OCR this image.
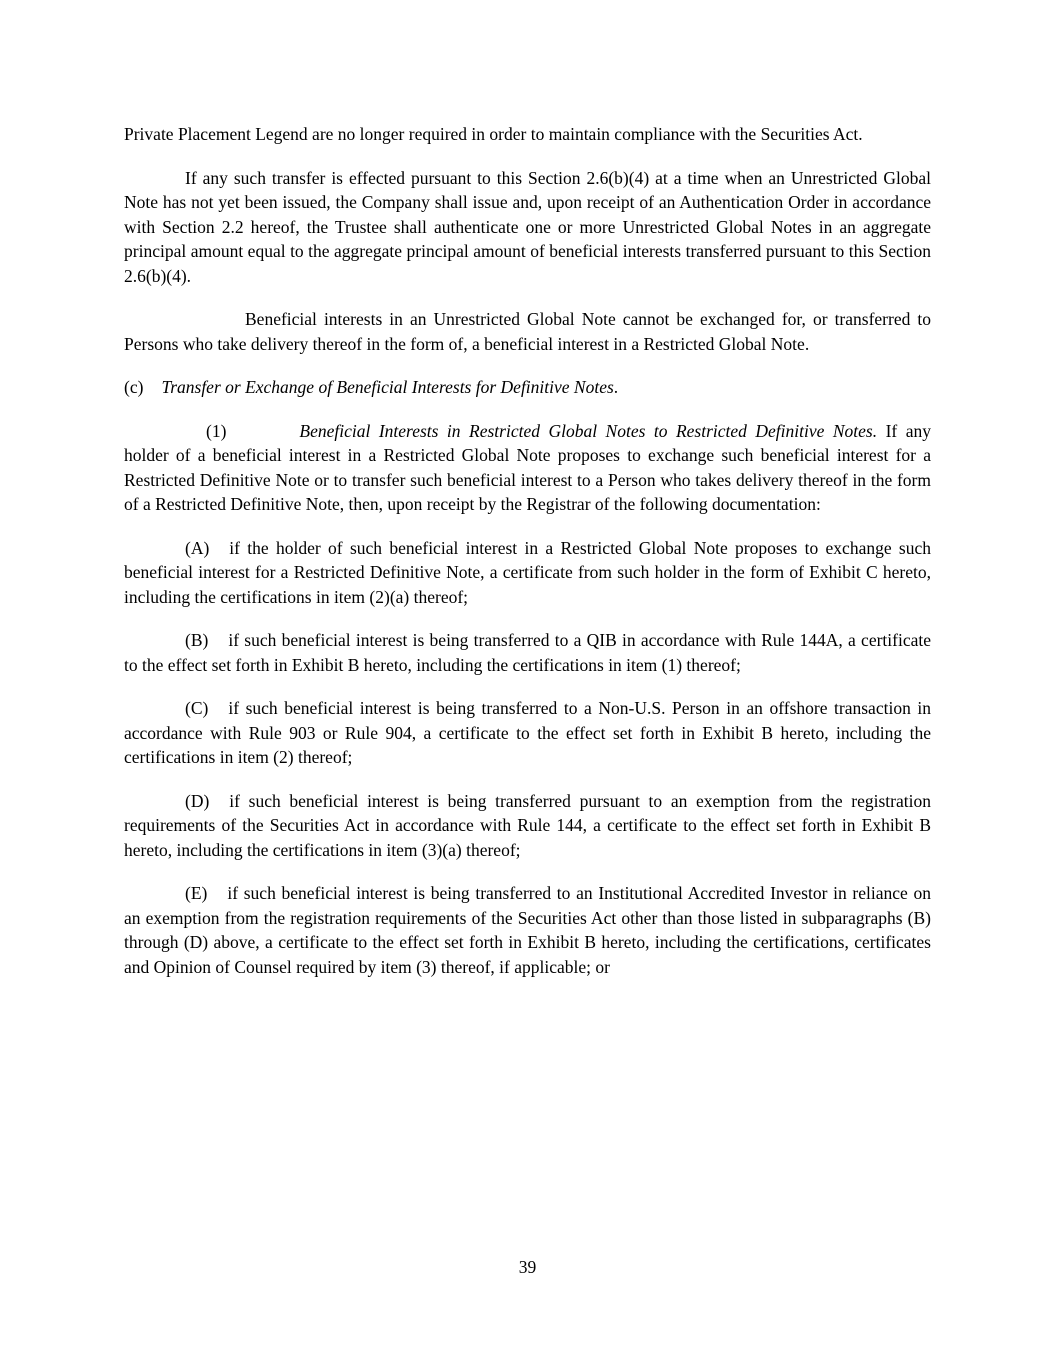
Private Placement Legend are no longer required in order to maintain compliance with the Securities Act.

If any such transfer is effected pursuant to this Section 2.6(b)(4) at a time when an Unrestricted Global Note has not yet been issued, the Company shall issue and, upon receipt of an Authentication Order in accordance with Section 2.2 hereof, the Trustee shall authenticate one or more Unrestricted Global Notes in an aggregate principal amount equal to the aggregate principal amount of beneficial interests transferred pursuant to this Section 2.6(b)(4).

Beneficial interests in an Unrestricted Global Note cannot be exchanged for, or transferred to Persons who take delivery thereof in the form of, a beneficial interest in a Restricted Global Note.

(c) Transfer or Exchange of Beneficial Interests for Definitive Notes.

(1)	Beneficial Interests in Restricted Global Notes to Restricted Definitive Notes. If any holder of a beneficial interest in a Restricted Global Note proposes to exchange such beneficial interest for a Restricted Definitive Note or to transfer such beneficial interest to a Person who takes delivery thereof in the form of a Restricted Definitive Note, then, upon receipt by the Registrar of the following documentation:

(A) if the holder of such beneficial interest in a Restricted Global Note proposes to exchange such beneficial interest for a Restricted Definitive Note, a certificate from such holder in the form of Exhibit C hereto, including the certifications in item (2)(a) thereof;

(B) if such beneficial interest is being transferred to a QIB in accordance with Rule 144A, a certificate to the effect set forth in Exhibit B hereto, including the certifications in item (1) thereof;

(C) if such beneficial interest is being transferred to a Non-U.S. Person in an offshore transaction in accordance with Rule 903 or Rule 904, a certificate to the effect set forth in Exhibit B hereto, including the certifications in item (2) thereof;

(D) if such beneficial interest is being transferred pursuant to an exemption from the registration requirements of the Securities Act in accordance with Rule 144, a certificate to the effect set forth in Exhibit B hereto, including the certifications in item (3)(a) thereof;

(E) if such beneficial interest is being transferred to an Institutional Accredited Investor in reliance on an exemption from the registration requirements of the Securities Act other than those listed in subparagraphs (B) through (D) above, a certificate to the effect set forth in Exhibit B hereto, including the certifications, certificates and Opinion of Counsel required by item (3) thereof, if applicable; or

39
